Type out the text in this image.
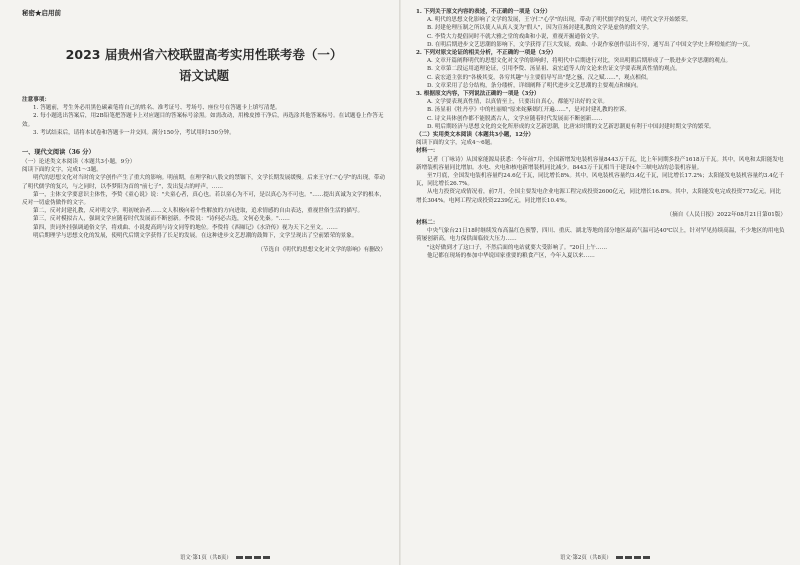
秘密★启用前

2023 届贵州省六校联盟高考实用性联考卷（一）
语文试题

注意事项：

1. 答题前，考生务必用黑色碳素笔将自己的姓名、准考证号、考场号、座位号在答题卡上填写清楚。

2. 每小题选出答案后，用2B铅笔把答题卡上对应题目的答案标号涂黑。如需改动，用橡皮擦干净后，再选涂其他答案标号。在试题卷上作答无效。

3. 考试结束后，请将本试卷和答题卡一并交回。满分150分，考试用时150分钟。

一、现代文阅读（36 分）

（一）论述类文本阅读（本题共3小题，9分）

阅读下面的文字，完成1～3题。

明代的思想文化对当时的文学创作产生了重大的影响。明前期，在理学和八股文的禁锢下，文学长期发展缓慢。后来王守仁"心学"的出现，带动了明代儒学的复兴，与之同时，以李梦阳为首的"前七子"，发出复古的呼声，……

第一，主体文学要意识主体性，李贽《童心说》说："夫童心者，真心也。若以童心为不可，是以真心为不可也。"……提出真诚为文学的根本，反对一切虚伪做作的文字。

第二，反对封建礼教，反对明文学。明初统治者……文人积极向着个性解放的方向进取，追求情感的自由表达，重视世俗生活的描写。

第三，反对模拟古人，强调文学应随着时代发展而不断创新。李贽说："诗何必古选，文何必先秦。"……

第四，贵词外挂强调通俗文学，将戏曲、小说提高到与诗文同等的地位。李贽将《西厢记》《水浒传》视为天下之至文。……

明后期理学与思想文化的发展，使明代后期文学获得了长足的发展。在这种进步文艺思潮的鼓舞下，文学呈现出了空前繁荣的景象。

（节选自《明代的思想文化对文学的影响》有删改）

语文·第1页（共8页）

1. 下列关于原文内容的表述，不正确的一项是（3分）

A. 明代的思想文化影响了文学的发展，王守仁"心学"的出现，带动了明代儒学的复兴，明代文学开始繁荣。

B. 封建伦理压制之所以使人从真人变为"假人"，因为宣扬封建礼教的文学是虚伪的假文学。

C. 李贽大力提倡同时不就大雅之堂的戏曲和小说，重视开掘通俗文学。

D. 在明后期进步文艺思潮的影响下，文学获得了巨大发展，戏曲、小说作家创作层出不穷，通写出了中国文学史上辉煌灿烂的一页。

2. 下列对原文论证的相关分析，不正确的一项是（3分）

A. 文章开篇阐释明代的思想文化对文学的影响时，将明代中后期进行对比，突出明朝后期形成了一股进步文学思潮的观点。

B. 文章第二段运用道理论证，引用李贽、汤显祖、袁宏道等人的文论来佐证文学要表现真性情的观点。

C. 袁宏道主张的"各极其变，各穷其趣"与主要倡导写出"楚之骚，汉之赋……"，观点相似。

D. 文章采用了总分结构，条分缕析，详细阐释了明代进步文艺思潮的主要观点和倾向。

3. 根据原文内容，下列说法正确的一项是（3分）

A. 文学要表现真性情，以真情至上，只要出自真心，都能写出好的文章。

B. 汤显祖《牡丹亭》中的杜丽娘"原来姹紫嫣红开遍……"，是对封建礼教的控诉。

C. 诗文具体创作都不能脱离古人，文学应随着时代发展而不断创新……

D. 明后期经济与思想文化的交化所形成的文艺新思潮，比唐宋时期的文艺新思潮更有利于中国封建时期文学的繁荣。

（二）实用类文本阅读（本题共3小题，12分）

阅读下面的文字，完成4～6题。

材料一：

记者（丁咏诗）从国家能源局获悉：今年前7月，全国新增发电装机容量8443万千瓦，比上年同期多投产1618万千瓦。其中，风电和太阳能发电新增装机容量同比增加。水电、火电和核电新增装机同比减少。8443万千瓦相当于建设4个三峡电站的总装机容量。

至7月底，全国发电装机容量约24.6亿千瓦，同比增长8%。其中，风电装机容量约3.4亿千瓦，同比增长17.2%；太阳能发电装机容量约3.4亿千瓦，同比增长26.7%。

从电力投资完成情况看，前7月，全国主要发电企业电源工程完成投资2600亿元，同比增长16.8%。其中，太阳能发电完成投资773亿元，同比增长304%。电网工程完成投资2239亿元，同比增长10.4%。

（摘自《人民日报》2022年08月21日第01版）

材料二：

中央气象台21日18时继续发布高温红色预警，四川、重庆、湖北等地的部分地区最高气温可达40℃以上，针对罕见持续高温，不少地区的用电负荷屡创新高，电力保供面临较大压力……

"这好做到才了这口子，不然后面的电站就要大受影响了。"20日上午……

他记都在现场的参加中华说国家重要的粮食产区，今年入夏以来……

语文·第2页（共8页）
